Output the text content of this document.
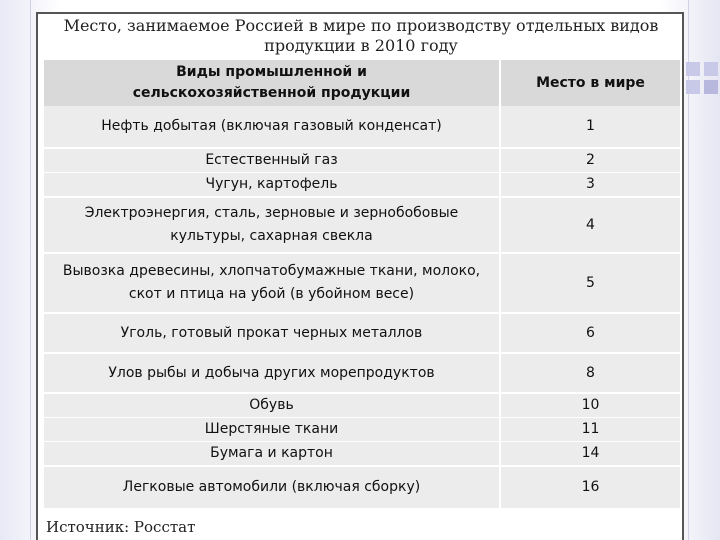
Место, занимаемое Россией в мире по производству отдельных видов продукции в 2010 году
Виды промышленной и сельскохозяйственной продукции	Место в мире
Нефть добытая (включая газовый конденсат)	1
Естественный газ	2
Чугун, картофель	3
Электроэнергия, сталь, зерновые и зернобобовые культуры, сахарная свекла	4
Вывозка древесины, хлопчатобумажные ткани, молоко, скот и птица на убой (в убойном весе)	5
Уголь, готовый прокат черных металлов	6
Улов рыбы и добыча других морепродуктов	8
Обувь	10
Шерстяные ткани	11
Бумага и картон	14
Легковые автомобили (включая сборку)	16
Источник: Росстат
